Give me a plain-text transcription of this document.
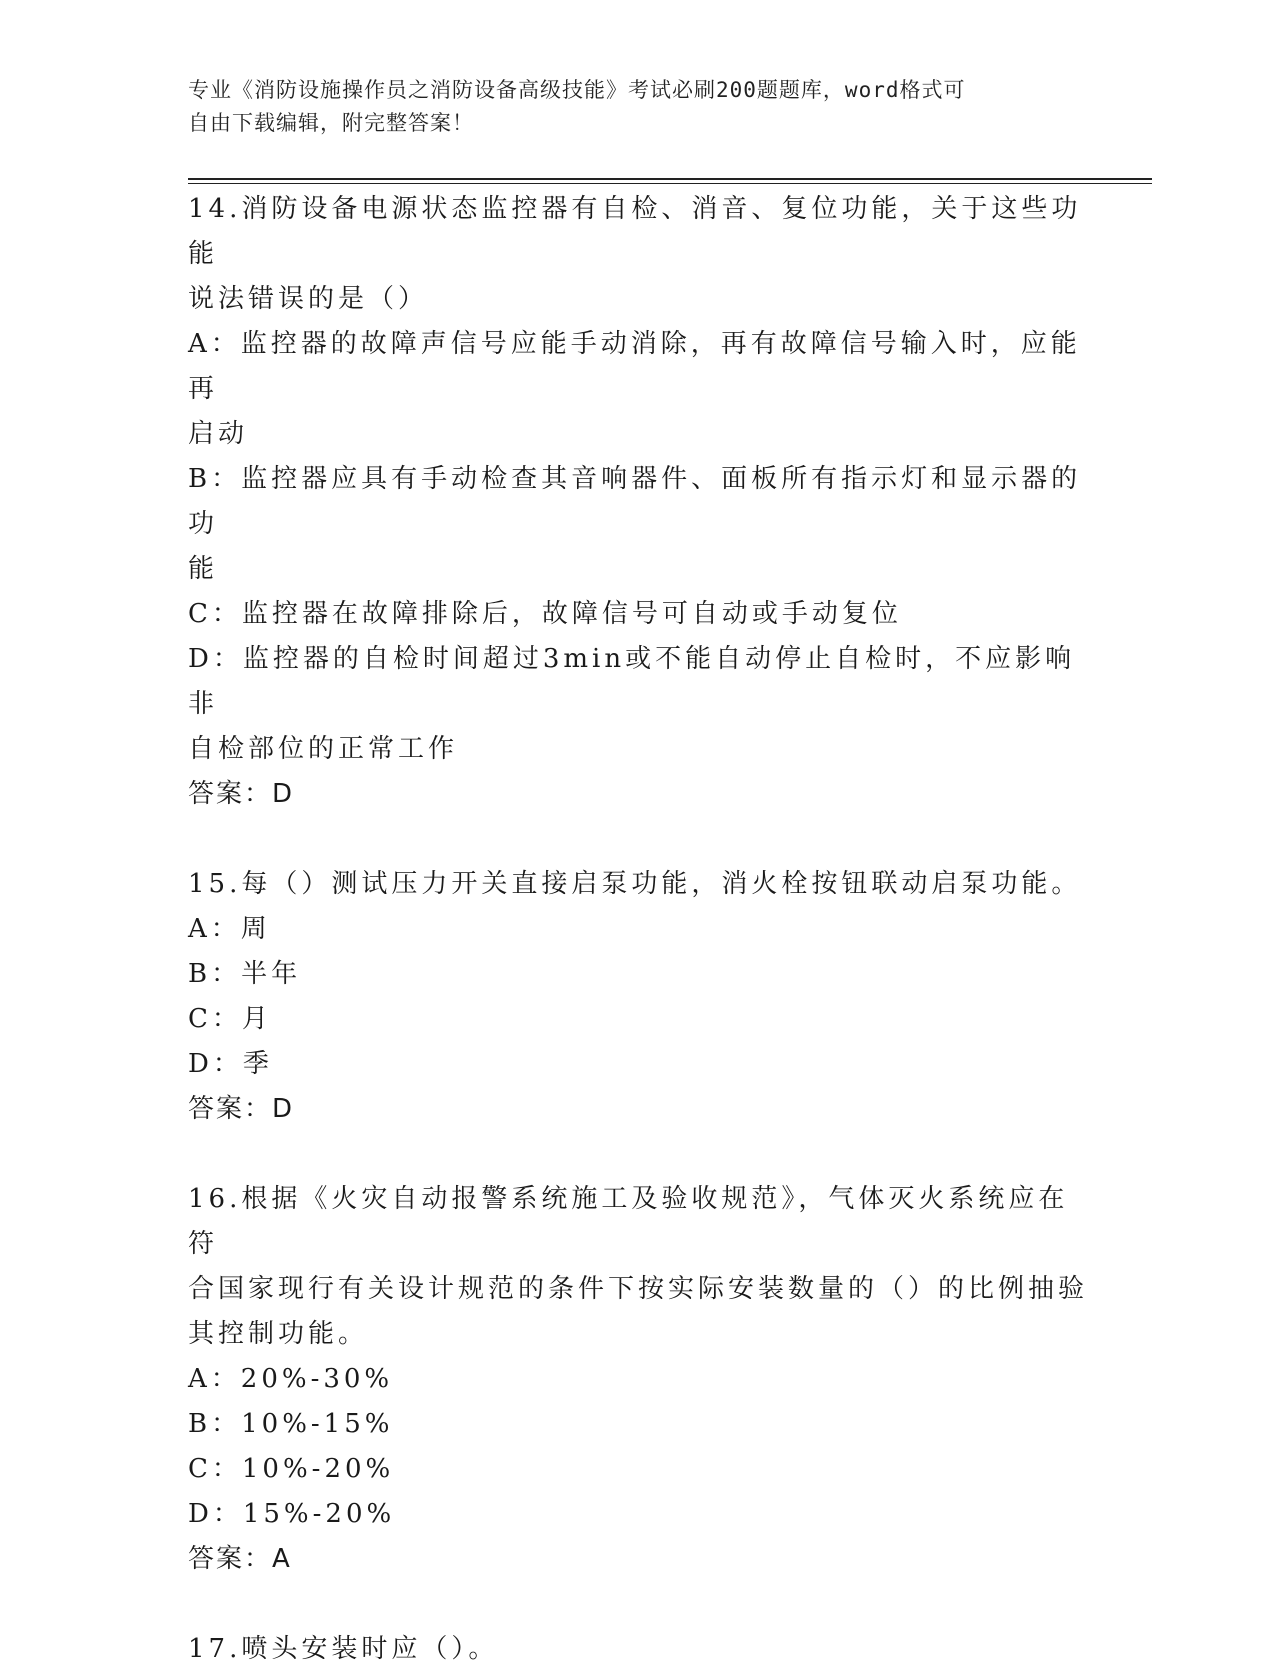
专业《消防设施操作员之消防设备高级技能》考试必刷200题题库，word格式可
自由下载编辑，附完整答案！

14.消防设备电源状态监控器有自检、消音、复位功能，关于这些功能

说法错误的是（）

A：监控器的故障声信号应能手动消除，再有故障信号输入时，应能再

启动

B：监控器应具有手动检查其音响器件、面板所有指示灯和显示器的功

能

C：监控器在故障排除后，故障信号可自动或手动复位

D：监控器的自检时间超过3min或不能自动停止自检时，不应影响非

自检部位的正常工作

答案：D

15.每（）测试压力开关直接启泵功能，消火栓按钮联动启泵功能。

A：周

B：半年

C：月

D：季

答案：D

16.根据《火灾自动报警系统施工及验收规范》，气体灭火系统应在符

合国家现行有关设计规范的条件下按实际安装数量的（）的比例抽验

其控制功能。

A：20%-30%

B：10%-15%

C：10%-20%

D：15%-20%

答案：A

17.喷头安装时应（）。
